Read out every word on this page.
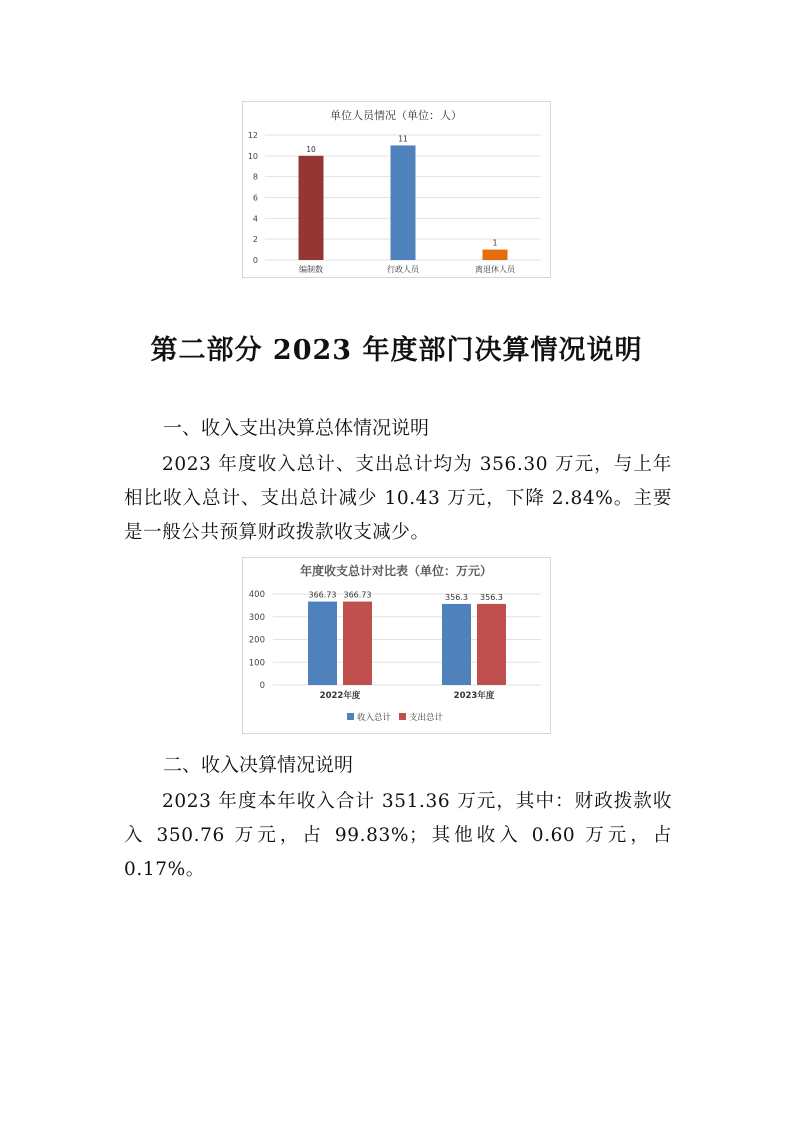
单位人员情况（单位：人）
0
2
4
6
8
10
12
10
编制数
11
行政人员
1
离退休人员
第二部分 2023 年度部门决算情况说明
一、收入支出决算总体情况说明
2023 年度收入总计、支出总计均为 356.30 万元，与上年相比收入总计、支出总计减少 10.43 万元，下降 2.84%。主要是一般公共预算财政拨款收支减少。
年度收支总计对比表（单位：万元）
0
100
200
300
400	366.73 366.73
2022年度
356.3 356.3
2023年度
收入总计 支出总计
二、收入决算情况说明
2023 年度本年收入合计 351.36 万元，其中：财政拨款收入 350.76 万元，占 99.83%；其他收入 0.60 万元，占 0.17%。
